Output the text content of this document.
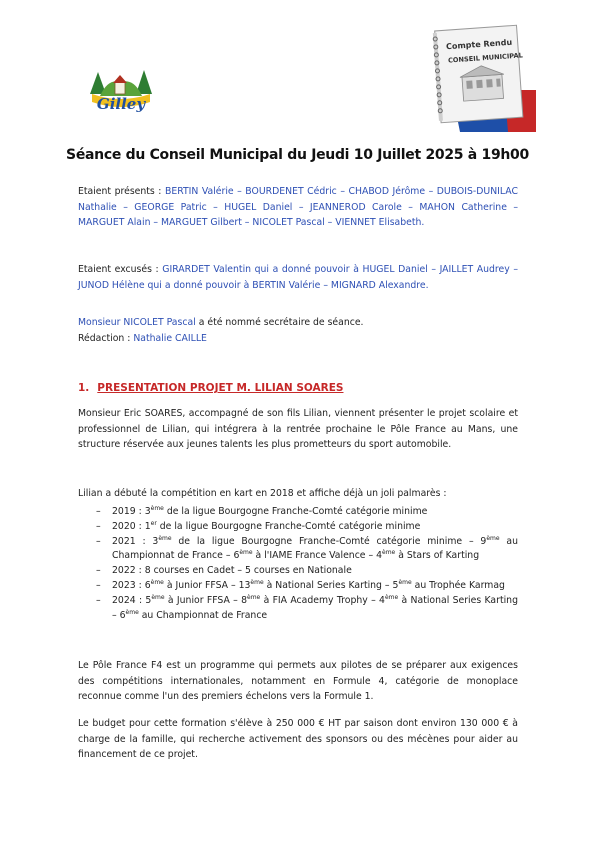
Gilley
Compte Rendu
CONSEIL MUNICIPAL
Séance du Conseil Municipal du Jeudi 10 Juillet 2025 à 19h00

Etaient présents : BERTIN Valérie – BOURDENET Cédric – CHABOD Jérôme – DUBOIS-DUNILAC Nathalie – GEORGE Patric – HUGEL Daniel – JEANNEROD Carole – MAHON Catherine – MARGUET Alain – MARGUET Gilbert – NICOLET Pascal – VIENNET Elisabeth.

Etaient excusés : GIRARDET Valentin qui a donné pouvoir à HUGEL Daniel – JAILLET Audrey – JUNOD Hélène qui a donné pouvoir à BERTIN Valérie – MIGNARD Alexandre.

Monsieur NICOLET Pascal a été nommé secrétaire de séance.
Rédaction : Nathalie CAILLE

1. PRESENTATION PROJET M. LILIAN SOARES

Monsieur Eric SOARES, accompagné de son fils Lilian, viennent présenter le projet scolaire et professionnel de Lilian, qui intégrera à la rentrée prochaine le Pôle France au Mans, une structure réservée aux jeunes talents les plus prometteurs du sport automobile.

Lilian a débuté la compétition en kart en 2018 et affiche déjà un joli palmarès :

– 2019 : 3ème de la ligue Bourgogne Franche-Comté catégorie minime
– 2020 : 1er de la ligue Bourgogne Franche-Comté catégorie minime
– 2021 : 3ème de la ligue Bourgogne Franche-Comté catégorie minime – 9ème au Championnat de France – 6ème à l'IAME France Valence – 4ème à Stars of Karting
– 2022 : 8 courses en Cadet – 5 courses en Nationale
– 2023 : 6ème à Junior FFSA – 13ème à National Series Karting – 5ème au Trophée Karmag
– 2024 : 5ème à Junior FFSA – 8ème à FIA Academy Trophy – 4ème à National Series Karting – 6ème au Championnat de France

Le Pôle France F4 est un programme qui permets aux pilotes de se préparer aux exigences des compétitions internationales, notamment en Formule 4, catégorie de monoplace reconnue comme l'un des premiers échelons vers la Formule 1.

Le budget pour cette formation s'élève à 250 000 € HT par saison dont environ 130 000 € à charge de la famille, qui recherche activement des sponsors ou des mécènes pour aider au financement de ce projet.
